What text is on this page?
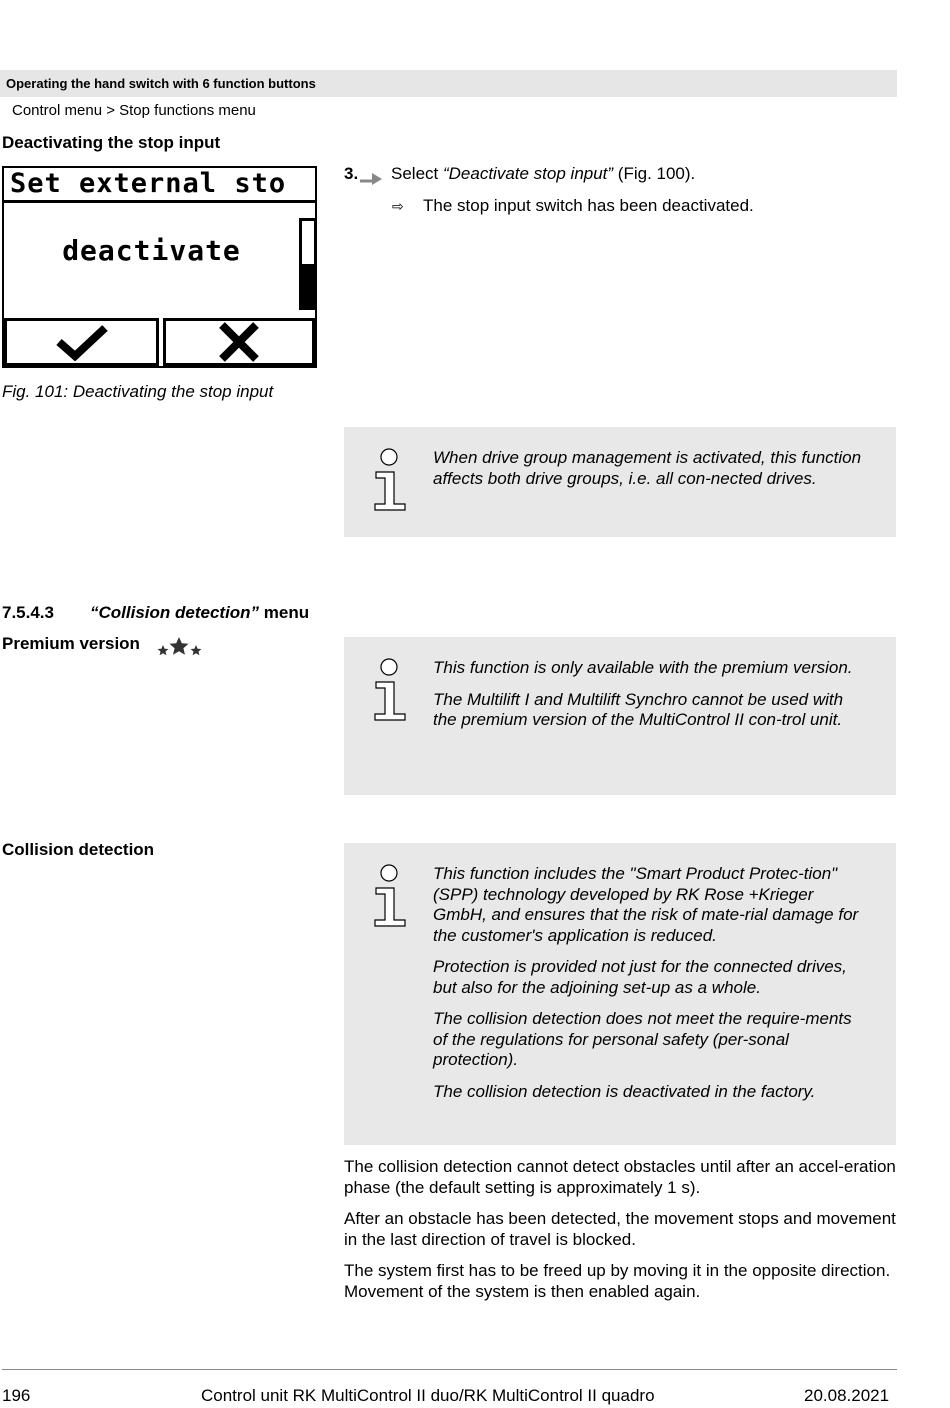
Operating the hand switch with 6 function buttons
Control menu > Stop functions menu
Deactivating the stop input
Set external sto
deactivate
Fig. 101: Deactivating the stop input
3. Select “Deactivate stop input” (Fig. 100).
⇨ The stop input switch has been deactivated.

When drive group management is activated, this function affects both drive groups, i.e. all con-nected drives.

7.5.4.3 “Collision detection” menu
Premium version

This function is only available with the premium version.

The Multilift I and Multilift Synchro cannot be used with the premium version of the MultiControl II con-trol unit.

Collision detection

This function includes the "Smart Product Protec-tion" (SPP) technology developed by RK Rose +Krieger GmbH, and ensures that the risk of mate-rial damage for the customer's application is reduced.

Protection is provided not just for the connected drives, but also for the adjoining set-up as a whole.

The collision detection does not meet the require-ments of the regulations for personal safety (per-sonal protection).

The collision detection is deactivated in the factory.

The collision detection cannot detect obstacles until after an accel-eration phase (the default setting is approximately 1 s).
After an obstacle has been detected, the movement stops and movement in the last direction of travel is blocked.
The system first has to be freed up by moving it in the opposite direction. Movement of the system is then enabled again.
196	Control unit RK MultiControl II duo/RK MultiControl II quadro	20.08.2021
